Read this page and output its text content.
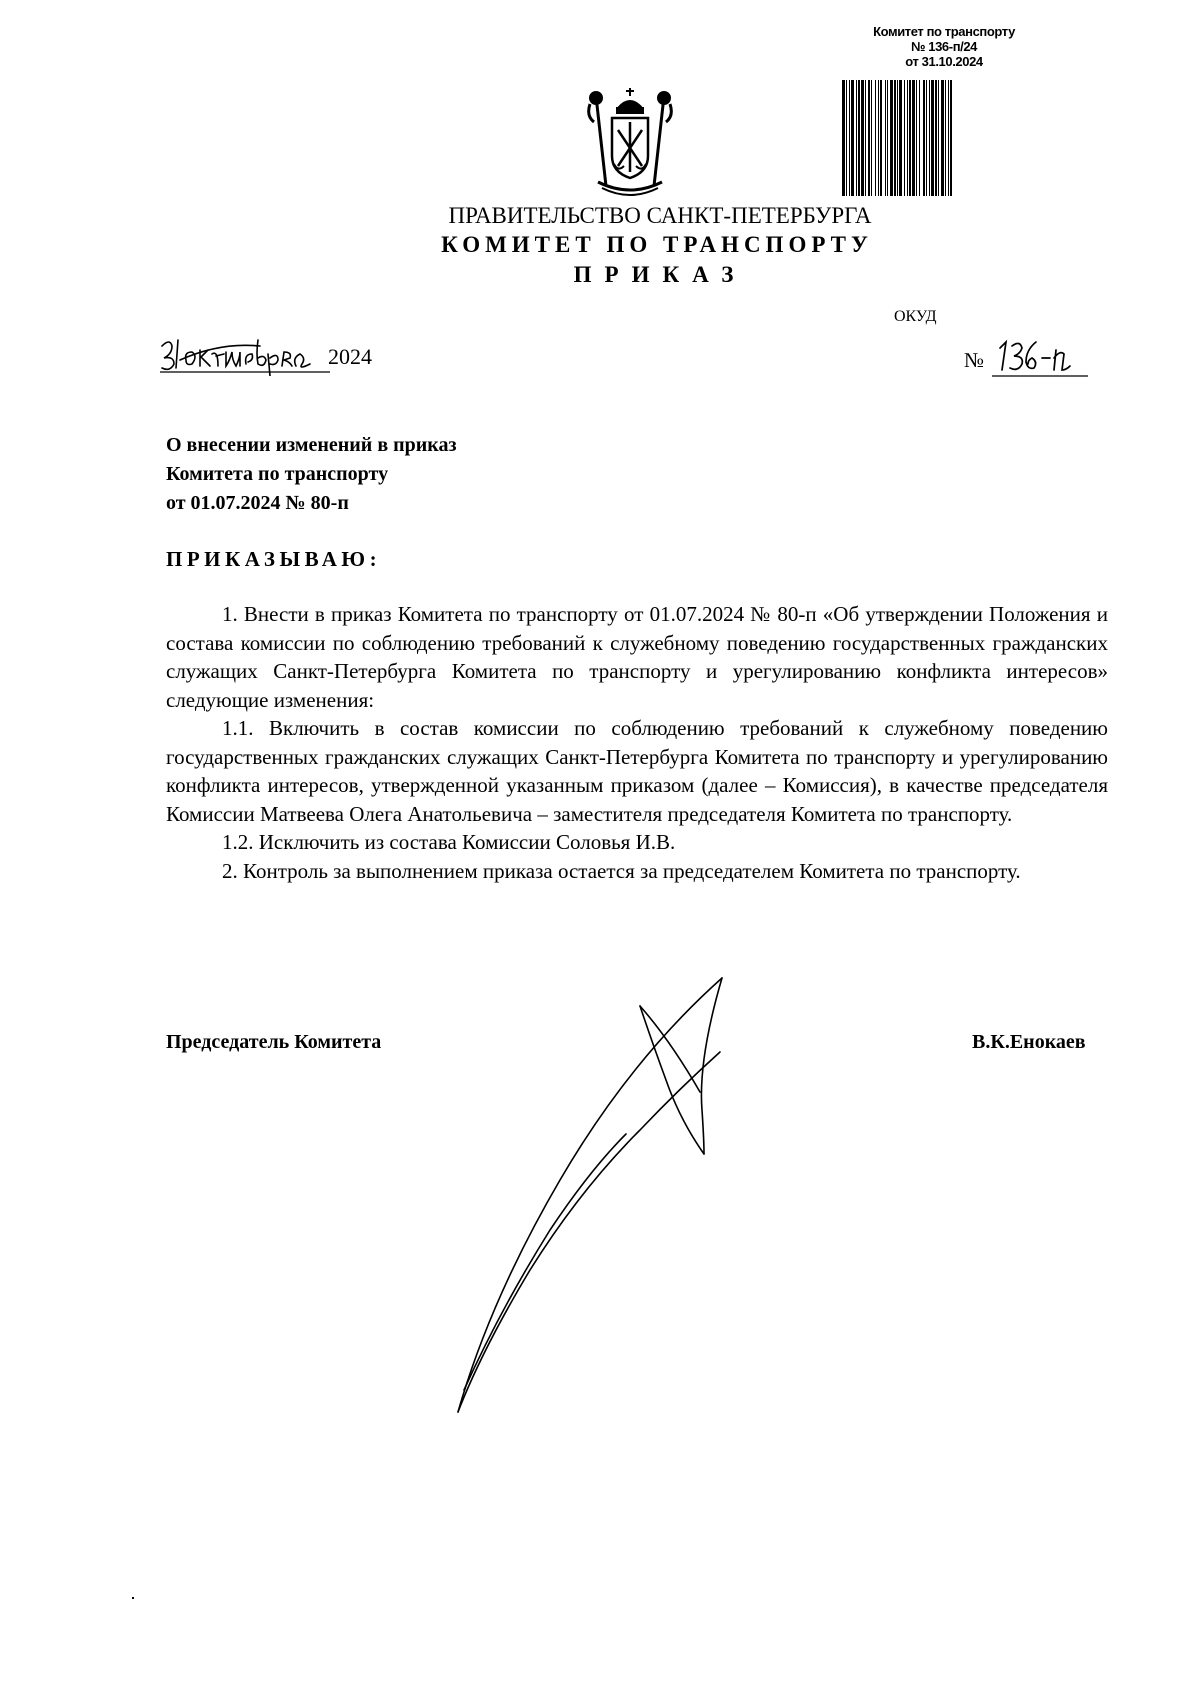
Комитет по транспорту
№ 136-п/24
от 31.10.2024
ПРАВИТЕЛЬСТВО САНКТ-ПЕТЕРБУРГА
КОМИТЕТ ПО ТРАНСПОРТУ
ПРИКАЗ
ОКУД
2024	№
О внесении изменений в приказ
Комитета по транспорту
от 01.07.2024 № 80-п
ПРИКАЗЫВАЮ:

1. Внести в приказ Комитета по транспорту от 01.07.2024 № 80-п «Об утверждении Положения и состава комиссии по соблюдению требований к служебному поведению государственных гражданских служащих Санкт-Петербурга Комитета по транспорту и урегулированию конфликта интересов» следующие изменения:

1.1. Включить в состав комиссии по соблюдению требований к служебному поведению государственных гражданских служащих Санкт-Петербурга Комитета по транспорту и урегулированию конфликта интересов, утвержденной указанным приказом (далее – Комиссия), в качестве председателя Комиссии Матвеева Олега Анатольевича – заместителя председателя Комитета по транспорту.

1.2. Исключить из состава Комиссии Соловья И.В.

2. Контроль за выполнением приказа остается за председателем Комитета по транспорту.

Председатель Комитета	В.К.Енокаев
